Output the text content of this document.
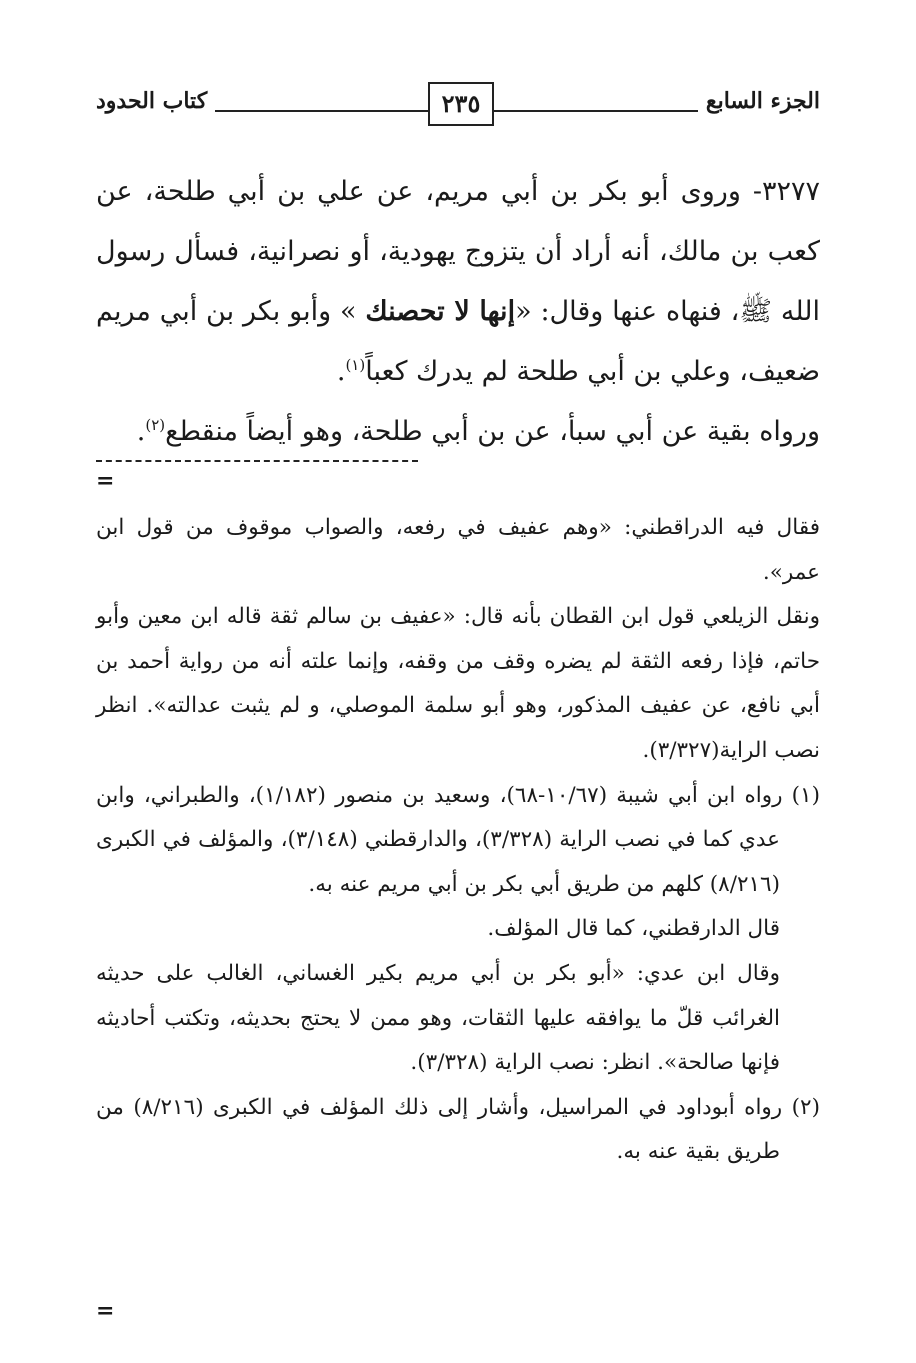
الجزء السابع
٢٣٥
كتاب الحدود

٣٢٧٧- وروى أبو بكر بن أبي مريم، عن علي بن أبي طلحة، عن كعب بن مالك، أنه أراد أن يتزوج يهودية، أو نصرانية، فسأل رسول الله ﷺ، فنهاه عنها وقال: «إنها لا تحصنك » وأبو بكر بن أبي مريم ضعيف، وعلي بن أبي طلحة لم يدرك كعباً$^{(١)}$.

ورواه بقية عن أبي سبأ، عن بن أبي طلحة، وهو أيضاً منقطع$^{(٢)}$.

=

فقال فيه الدراقطني: «وهم عفيف في رفعه، والصواب موقوف من قول ابن عمر».

ونقل الزيلعي قول ابن القطان بأنه قال: «عفيف بن سالم ثقة قاله ابن معين وأبو حاتم، فإذا رفعه الثقة لم يضره وقف من وقفه، وإنما علته أنه من رواية أحمد بن أبي نافع، عن عفيف المذكور، وهو أبو سلمة الموصلي، و لم يثبت عدالته». انظر نصب الراية(٣/٣٢٧).

(١) رواه ابن أبي شيبة (١٠/٦٧-٦٨)، وسعيد بن منصور (١/١٨٢)، والطبراني، وابن عدي كما في نصب الراية (٣/٣٢٨)، والدارقطني (٣/١٤٨)، والمؤلف في الكبرى (٨/٢١٦) كلهم من طريق أبي بكر بن أبي مريم عنه به.

قال الدارقطني، كما قال المؤلف.

وقال ابن عدي: «أبو بكر بن أبي مريم بكير الغساني، الغالب على حديثه الغرائب قلّ ما يوافقه عليها الثقات، وهو ممن لا يحتج بحديثه، وتكتب أحاديثه فإنها صالحة». انظر: نصب الراية (٣/٣٢٨).

(٢) رواه أبوداود في المراسيل، وأشار إلى ذلك المؤلف في الكبرى (٨/٢١٦) من طريق بقية عنه به.

=
